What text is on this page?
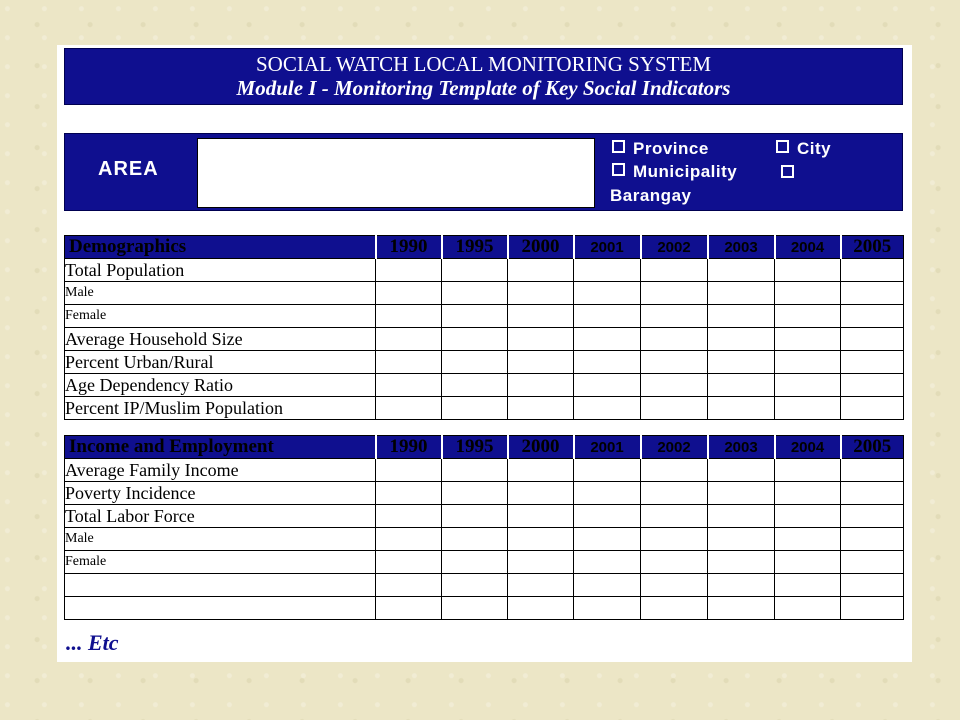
SOCIAL WATCH LOCAL MONITORING SYSTEM
Module I - Monitoring Template of Key Social Indicators
AREA
Province	City
Municipality
Barangay
Demographics	1990	1995	2000	2001	2002	2003	2004	2005
Total Population								
Male								
Female								
Average Household Size								
Percent Urban/Rural								
Age Dependency Ratio								
Percent IP/Muslim Population								
Income and Employment	1990	1995	2000	2001	2002	2003	2004	2005
Average Family Income								
Poverty Incidence								
Total Labor Force								
Male								
Female								

... Etc
